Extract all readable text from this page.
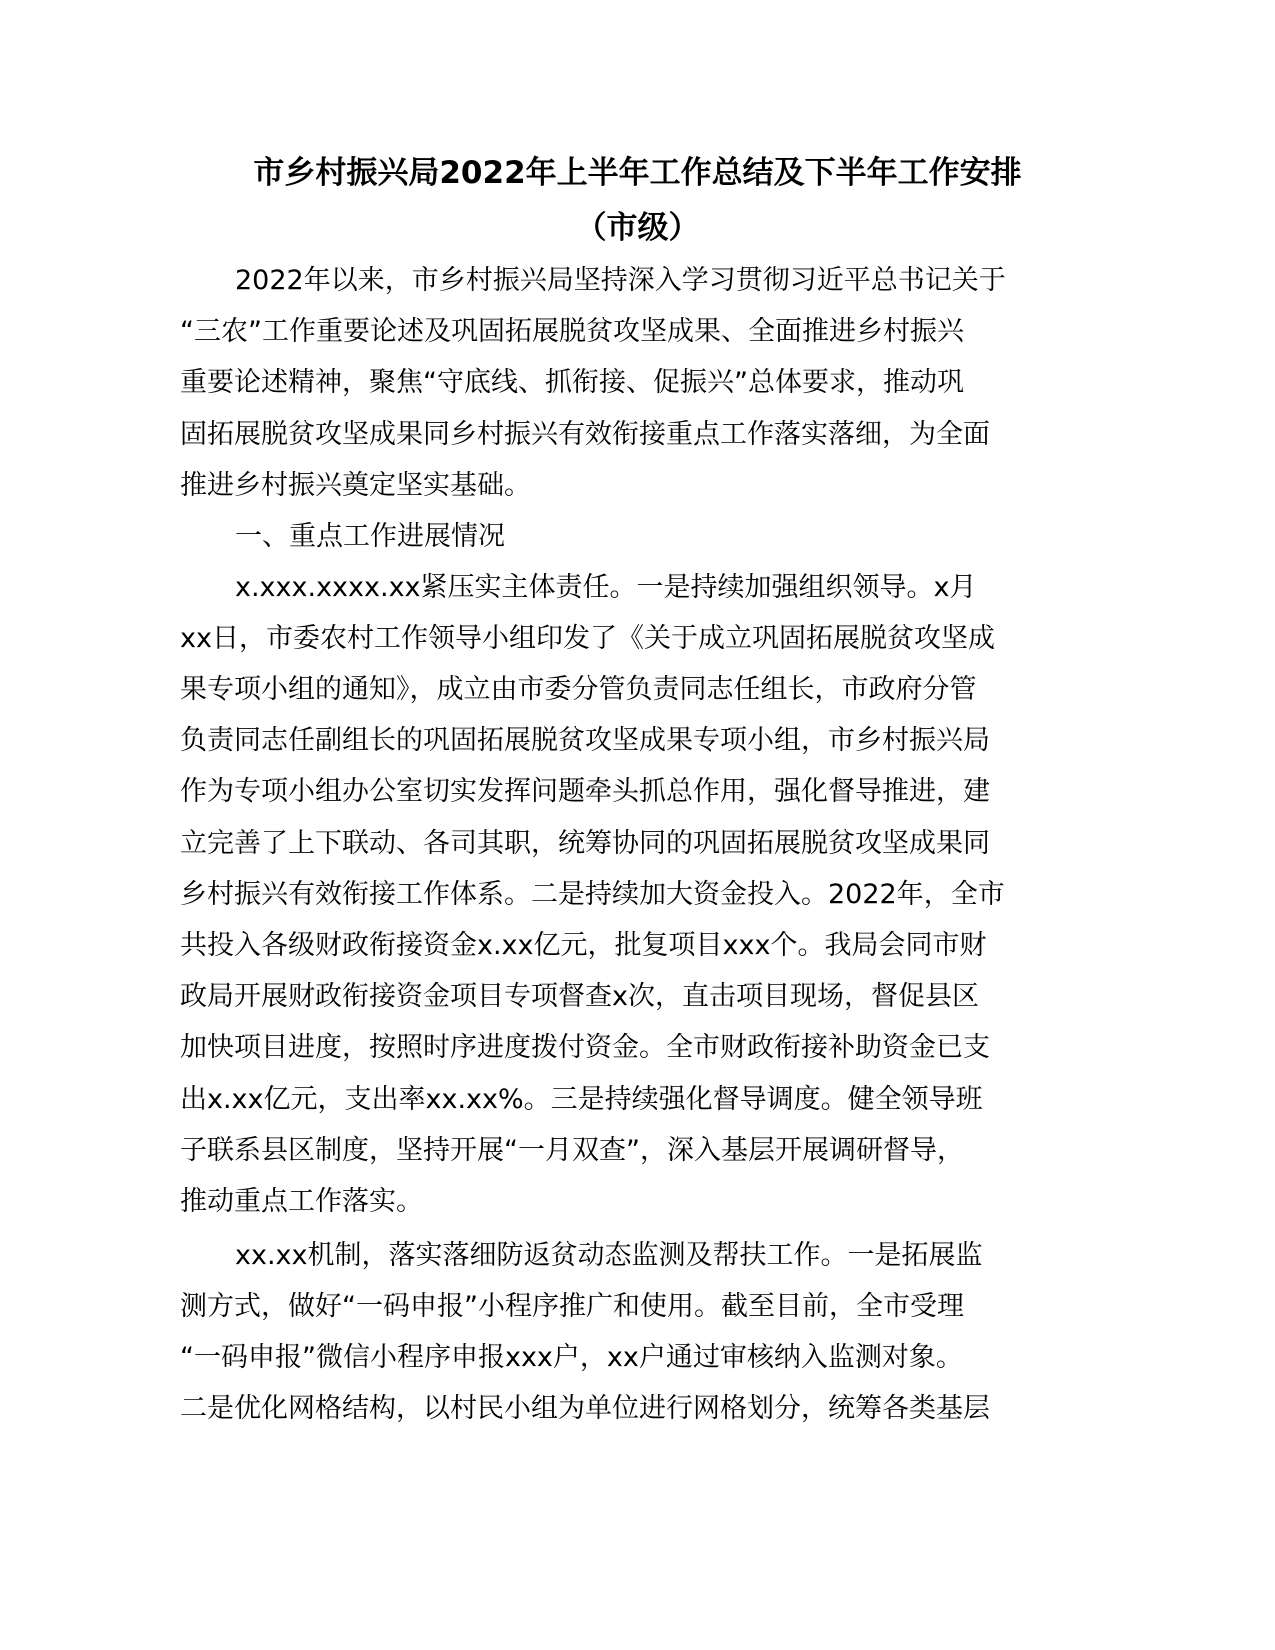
市乡村振兴局2022年上半年工作总结及下半年工作安排
（市级）

2022年以来，市乡村振兴局坚持深入学习贯彻习近平总书记关于

“三农”工作重要论述及巩固拓展脱贫攻坚成果、全面推进乡村振兴

重要论述精神，聚焦“守底线、抓衔接、促振兴”总体要求，推动巩

固拓展脱贫攻坚成果同乡村振兴有效衔接重点工作落实落细，为全面

推进乡村振兴奠定坚实基础。

一、重点工作进展情况

x.xxx.xxxx.xx紧压实主体责任。一是持续加强组织领导。x月

xx日，市委农村工作领导小组印发了《关于成立巩固拓展脱贫攻坚成

果专项小组的通知》，成立由市委分管负责同志任组长，市政府分管

负责同志任副组长的巩固拓展脱贫攻坚成果专项小组，市乡村振兴局

作为专项小组办公室切实发挥问题牵头抓总作用，强化督导推进，建

立完善了上下联动、各司其职，统筹协同的巩固拓展脱贫攻坚成果同

乡村振兴有效衔接工作体系。二是持续加大资金投入。2022年，全市

共投入各级财政衔接资金x.xx亿元，批复项目xxx个。我局会同市财

政局开展财政衔接资金项目专项督查x次，直击项目现场，督促县区

加快项目进度，按照时序进度拨付资金。全市财政衔接补助资金已支

出x.xx亿元，支出率xx.xx%。三是持续强化督导调度。健全领导班

子联系县区制度，坚持开展“一月双查”，深入基层开展调研督导，

推动重点工作落实。

xx.xx机制，落实落细防返贫动态监测及帮扶工作。一是拓展监

测方式，做好“一码申报”小程序推广和使用。截至目前，全市受理

“一码申报”微信小程序申报xxx户，xx户通过审核纳入监测对象。

二是优化网格结构，以村民小组为单位进行网格划分，统筹各类基层
